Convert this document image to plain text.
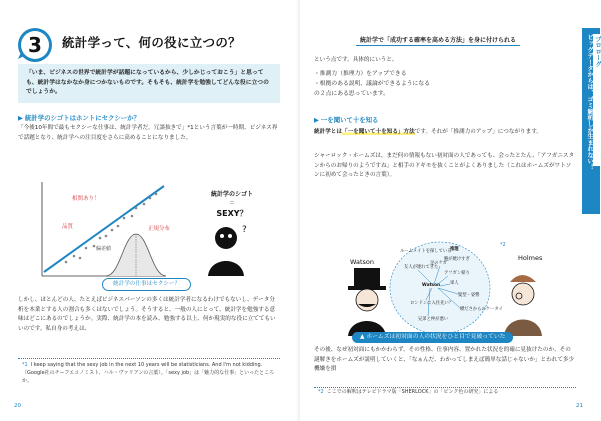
3 統計学って、何の役に立つの？
「いま、ビジネスの世界で統計学が話題になっているから、少しかじっておこう」と思っても、統計学はなかなか身につかないものです。そもそも、統計学を勉強してどんな役に立つのでしょうか。
▶ 統計学のシゴトはホントにセクシーか？
「今後10年間で最もセクシーな仕事は、統計学者だ。冗談抜きで」*1という言葉が一時期、ビジネス界で話題となり、統計学への注目度をさらに高めることになりました。
相関あり！
品質	正規分布
偏差値
統計学のシゴト
＝
SEXY？
?
統計学の仕事はセクシー？
しかし、ほとんどの人、たとえばビジネスパーソンの多くは統計学者になるわけでもないし、データ分析を本業とする人の割合も多くはないでしょう。そうすると、一般の人にとって、統計学を勉強する意味はどこにあるのでしょうか。実際、統計学の本を読み、勉強する以上、何か現実的な役に立ててもいいのです。私自身の考えは、
*1 I keep saying that the sexy job in the next 10 years will be statisticians. And I'm not kidding.（Google社のチーフエコノミスト、ハル・ヴァリアンの言葉）。「sexy job」は「魅力的な仕事」といったところか。
20
統計学で「成功する確率を高める方法」を身に付けられる
という点です。具体的にいうと、
・推測力（推理力）をアップできる
・根拠のある説明、議論ができるようになる
の２点にある思っています。
▶ 一を聞いて十を知る
統計学とは「一を聞いて十を知る」方法です。それが「推測力のアップ」につながります。
シャーロック・ホームズは、まだ何の情報もない初対面の人であっても、会ったとたん、「アフガニスタンからのお帰りのようですね」と相手のドギモを抜くことがよくありました（これはホームズがワトソンに初めて会ったときの言葉）。
Watson	Holmes
*2
ルームメイトを探している
推理
腕が焼けすぎ
友人が連れてきた
アフガン帰り
足のケガ
軍人
Watson
髪型・姿勢
ロンドンに入住先い？
横ださからのケータイ
兄弟と仲が悪い
▲ ホームズは初対面の人の状況をひと目で見破っていた
その後、なぜ初対面にもかかわらず、その性格、仕事内容、置かれた状況を的確に見抜けたのか、その謎解きをホームズが説明していくと、「なぁんだ、わかってしまえば簡単な話じゃないか」とわれて多少機嫌を損
*2 ここでの解釈はテレビドラマ版「SHERLOCK」の「ピンク色の研究」による
21
プロローグ
ビッグデータからは、ゴミ解析しか生まれない！
